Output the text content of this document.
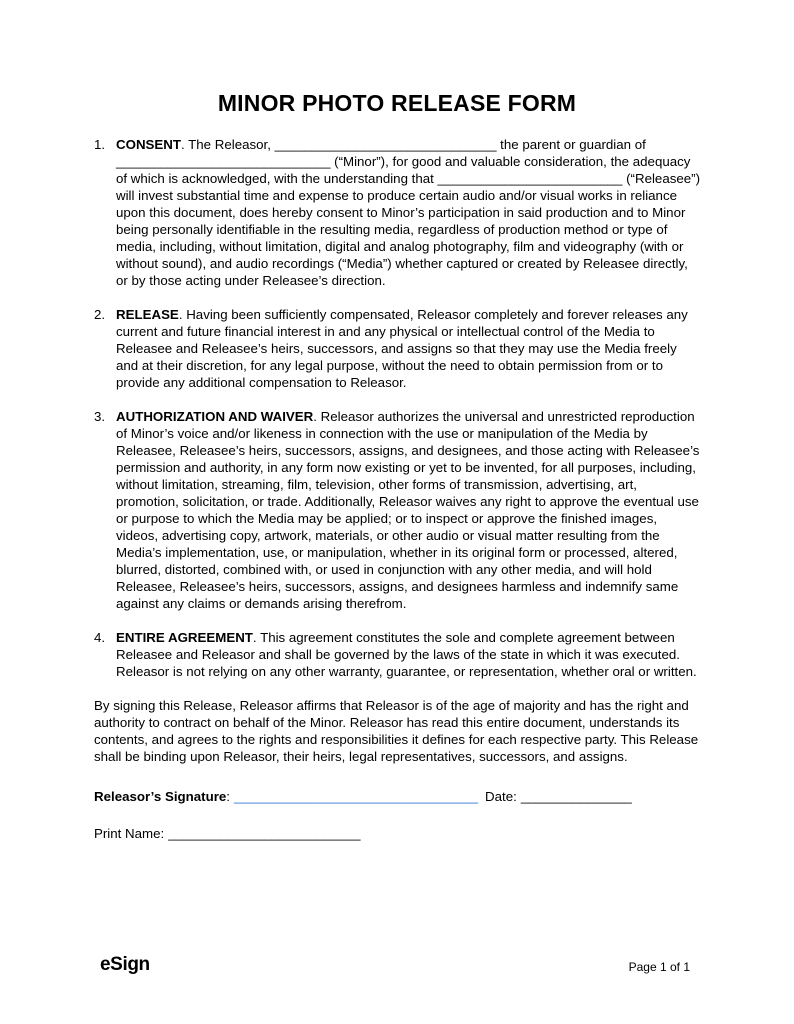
MINOR PHOTO RELEASE FORM
1. CONSENT. The Releasor, ______________________________ the parent or guardian of _____________________________ (“Minor”), for good and valuable consideration, the adequacy of which is acknowledged, with the understanding that _________________________ (“Releasee”) will invest substantial time and expense to produce certain audio and/or visual works in reliance upon this document, does hereby consent to Minor’s participation in said production and to Minor being personally identifiable in the resulting media, regardless of production method or type of media, including, without limitation, digital and analog photography, film and videography (with or without sound), and audio recordings (“Media”) whether captured or created by Releasee directly, or by those acting under Releasee’s direction.
2. RELEASE. Having been sufficiently compensated, Releasor completely and forever releases any current and future financial interest in and any physical or intellectual control of the Media to Releasee and Releasee’s heirs, successors, and assigns so that they may use the Media freely and at their discretion, for any legal purpose, without the need to obtain permission from or to provide any additional compensation to Releasor.
3. AUTHORIZATION AND WAIVER. Releasor authorizes the universal and unrestricted reproduction of Minor’s voice and/or likeness in connection with the use or manipulation of the Media by Releasee, Releasee’s heirs, successors, assigns, and designees, and those acting with Releasee’s permission and authority, in any form now existing or yet to be invented, for all purposes, including, without limitation, streaming, film, television, other forms of transmission, advertising, art, promotion, solicitation, or trade. Additionally, Releasor waives any right to approve the eventual use or purpose to which the Media may be applied; or to inspect or approve the finished images, videos, advertising copy, artwork, materials, or other audio or visual matter resulting from the Media’s implementation, use, or manipulation, whether in its original form or processed, altered, blurred, distorted, combined with, or used in conjunction with any other media, and will hold Releasee, Releasee’s heirs, successors, assigns, and designees harmless and indemnify same against any claims or demands arising therefrom.
4. ENTIRE AGREEMENT. This agreement constitutes the sole and complete agreement between Releasee and Releasor and shall be governed by the laws of the state in which it was executed. Releasor is not relying on any other warranty, guarantee, or representation, whether oral or written.

By signing this Release, Releasor affirms that Releasor is of the age of majority and has the right and authority to contract on behalf of the Minor. Releasor has read this entire document, understands its contents, and agrees to the rights and responsibilities it defines for each respective party. This Release shall be binding upon Releasor, their heirs, legal representatives, successors, and assigns.

Releasor’s Signature: _________________________________ Date: _______________
Print Name: __________________________
eSign	Page 1 of 1
